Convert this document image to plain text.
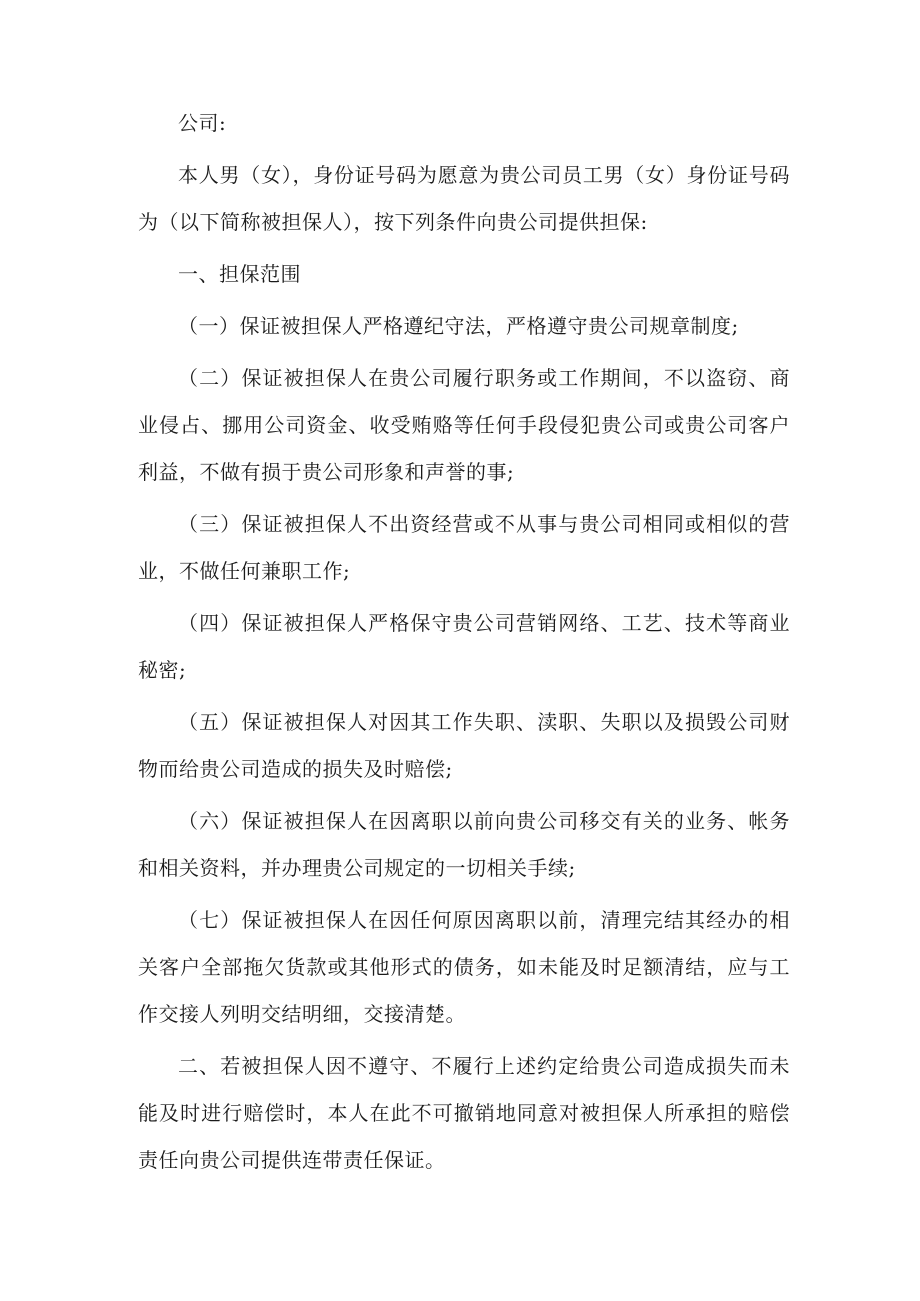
公司:

本人男（女），身份证号码为愿意为贵公司员工男（女）身份证号码为（以下简称被担保人），按下列条件向贵公司提供担保:

一、担保范围

（一）保证被担保人严格遵纪守法，严格遵守贵公司规章制度;

（二）保证被担保人在贵公司履行职务或工作期间，不以盗窃、商业侵占、挪用公司资金、收受贿赂等任何手段侵犯贵公司或贵公司客户利益，不做有损于贵公司形象和声誉的事;

（三）保证被担保人不出资经营或不从事与贵公司相同或相似的营业，不做任何兼职工作;

（四）保证被担保人严格保守贵公司营销网络、工艺、技术等商业秘密;

（五）保证被担保人对因其工作失职、渎职、失职以及损毁公司财物而给贵公司造成的损失及时赔偿;

（六）保证被担保人在因离职以前向贵公司移交有关的业务、帐务和相关资料，并办理贵公司规定的一切相关手续;

（七）保证被担保人在因任何原因离职以前，清理完结其经办的相关客户全部拖欠货款或其他形式的债务，如未能及时足额清结，应与工作交接人列明交结明细，交接清楚。

二、若被担保人因不遵守、不履行上述约定给贵公司造成损失而未能及时进行赔偿时，本人在此不可撤销地同意对被担保人所承担的赔偿责任向贵公司提供连带责任保证。
